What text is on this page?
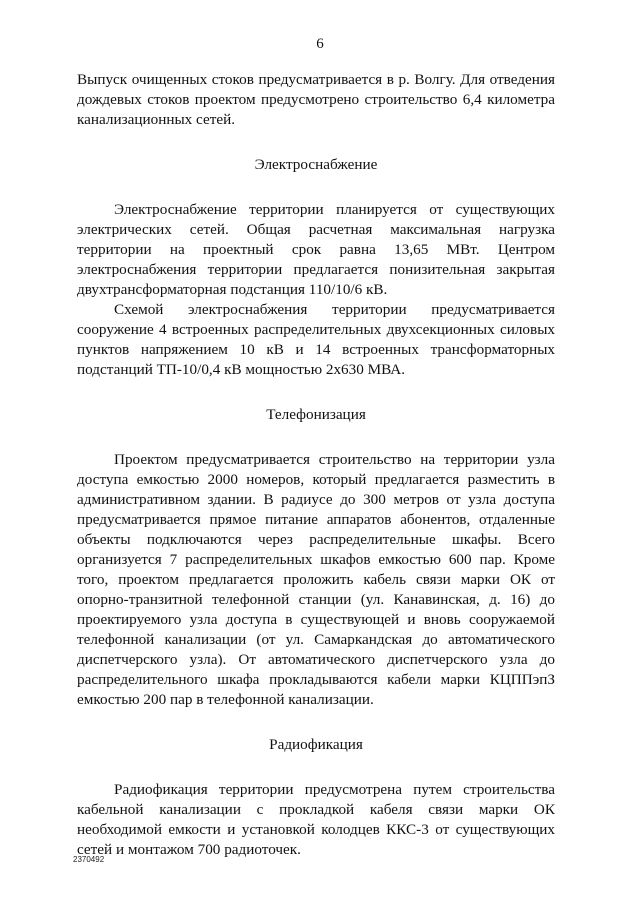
6

Выпуск очищенных стоков предусматривается в р. Волгу. Для отведения дождевых стоков проектом предусмотрено строительство 6,4 километра канализационных сетей.

Электроснабжение

Электроснабжение территории планируется от существующих электрических сетей. Общая расчетная максимальная нагрузка территории на проектный срок равна 13,65 МВт. Центром электроснабжения территории предлагается понизительная закрытая двухтрансформаторная подстанция 110/10/6 кВ.

Схемой электроснабжения территории предусматривается сооружение 4 встроенных распределительных двухсекционных силовых пунктов напряжением 10 кВ и 14 встроенных трансформаторных подстанций ТП-10/0,4 кВ мощностью 2х630 МВА.

Телефонизация

Проектом предусматривается строительство на территории узла доступа емкостью 2000 номеров, который предлагается разместить в административном здании. В радиусе до 300 метров от узла доступа предусматривается прямое питание аппаратов абонентов, отдаленные объекты подключаются через распределительные шкафы. Всего организуется 7 распределительных шкафов емкостью 600 пар. Кроме того, проектом предлагается проложить кабель связи марки ОК от опорно-транзитной телефонной станции (ул. Канавинская, д. 16) до проектируемого узла доступа в существующей и вновь сооружаемой телефонной канализации (от ул. Самаркандская до автоматического диспетчерского узла). От автоматического диспетчерского узла до распределительного шкафа прокладываются кабели марки КЦППэпЗ емкостью 200 пар в телефонной канализации.

Радиофикация

Радиофикация территории предусмотрена путем строительства кабельной канализации с прокладкой кабеля связи марки ОК необходимой емкости и установкой колодцев ККС-3 от существующих сетей и монтажом 700 радиоточек.

2370492
